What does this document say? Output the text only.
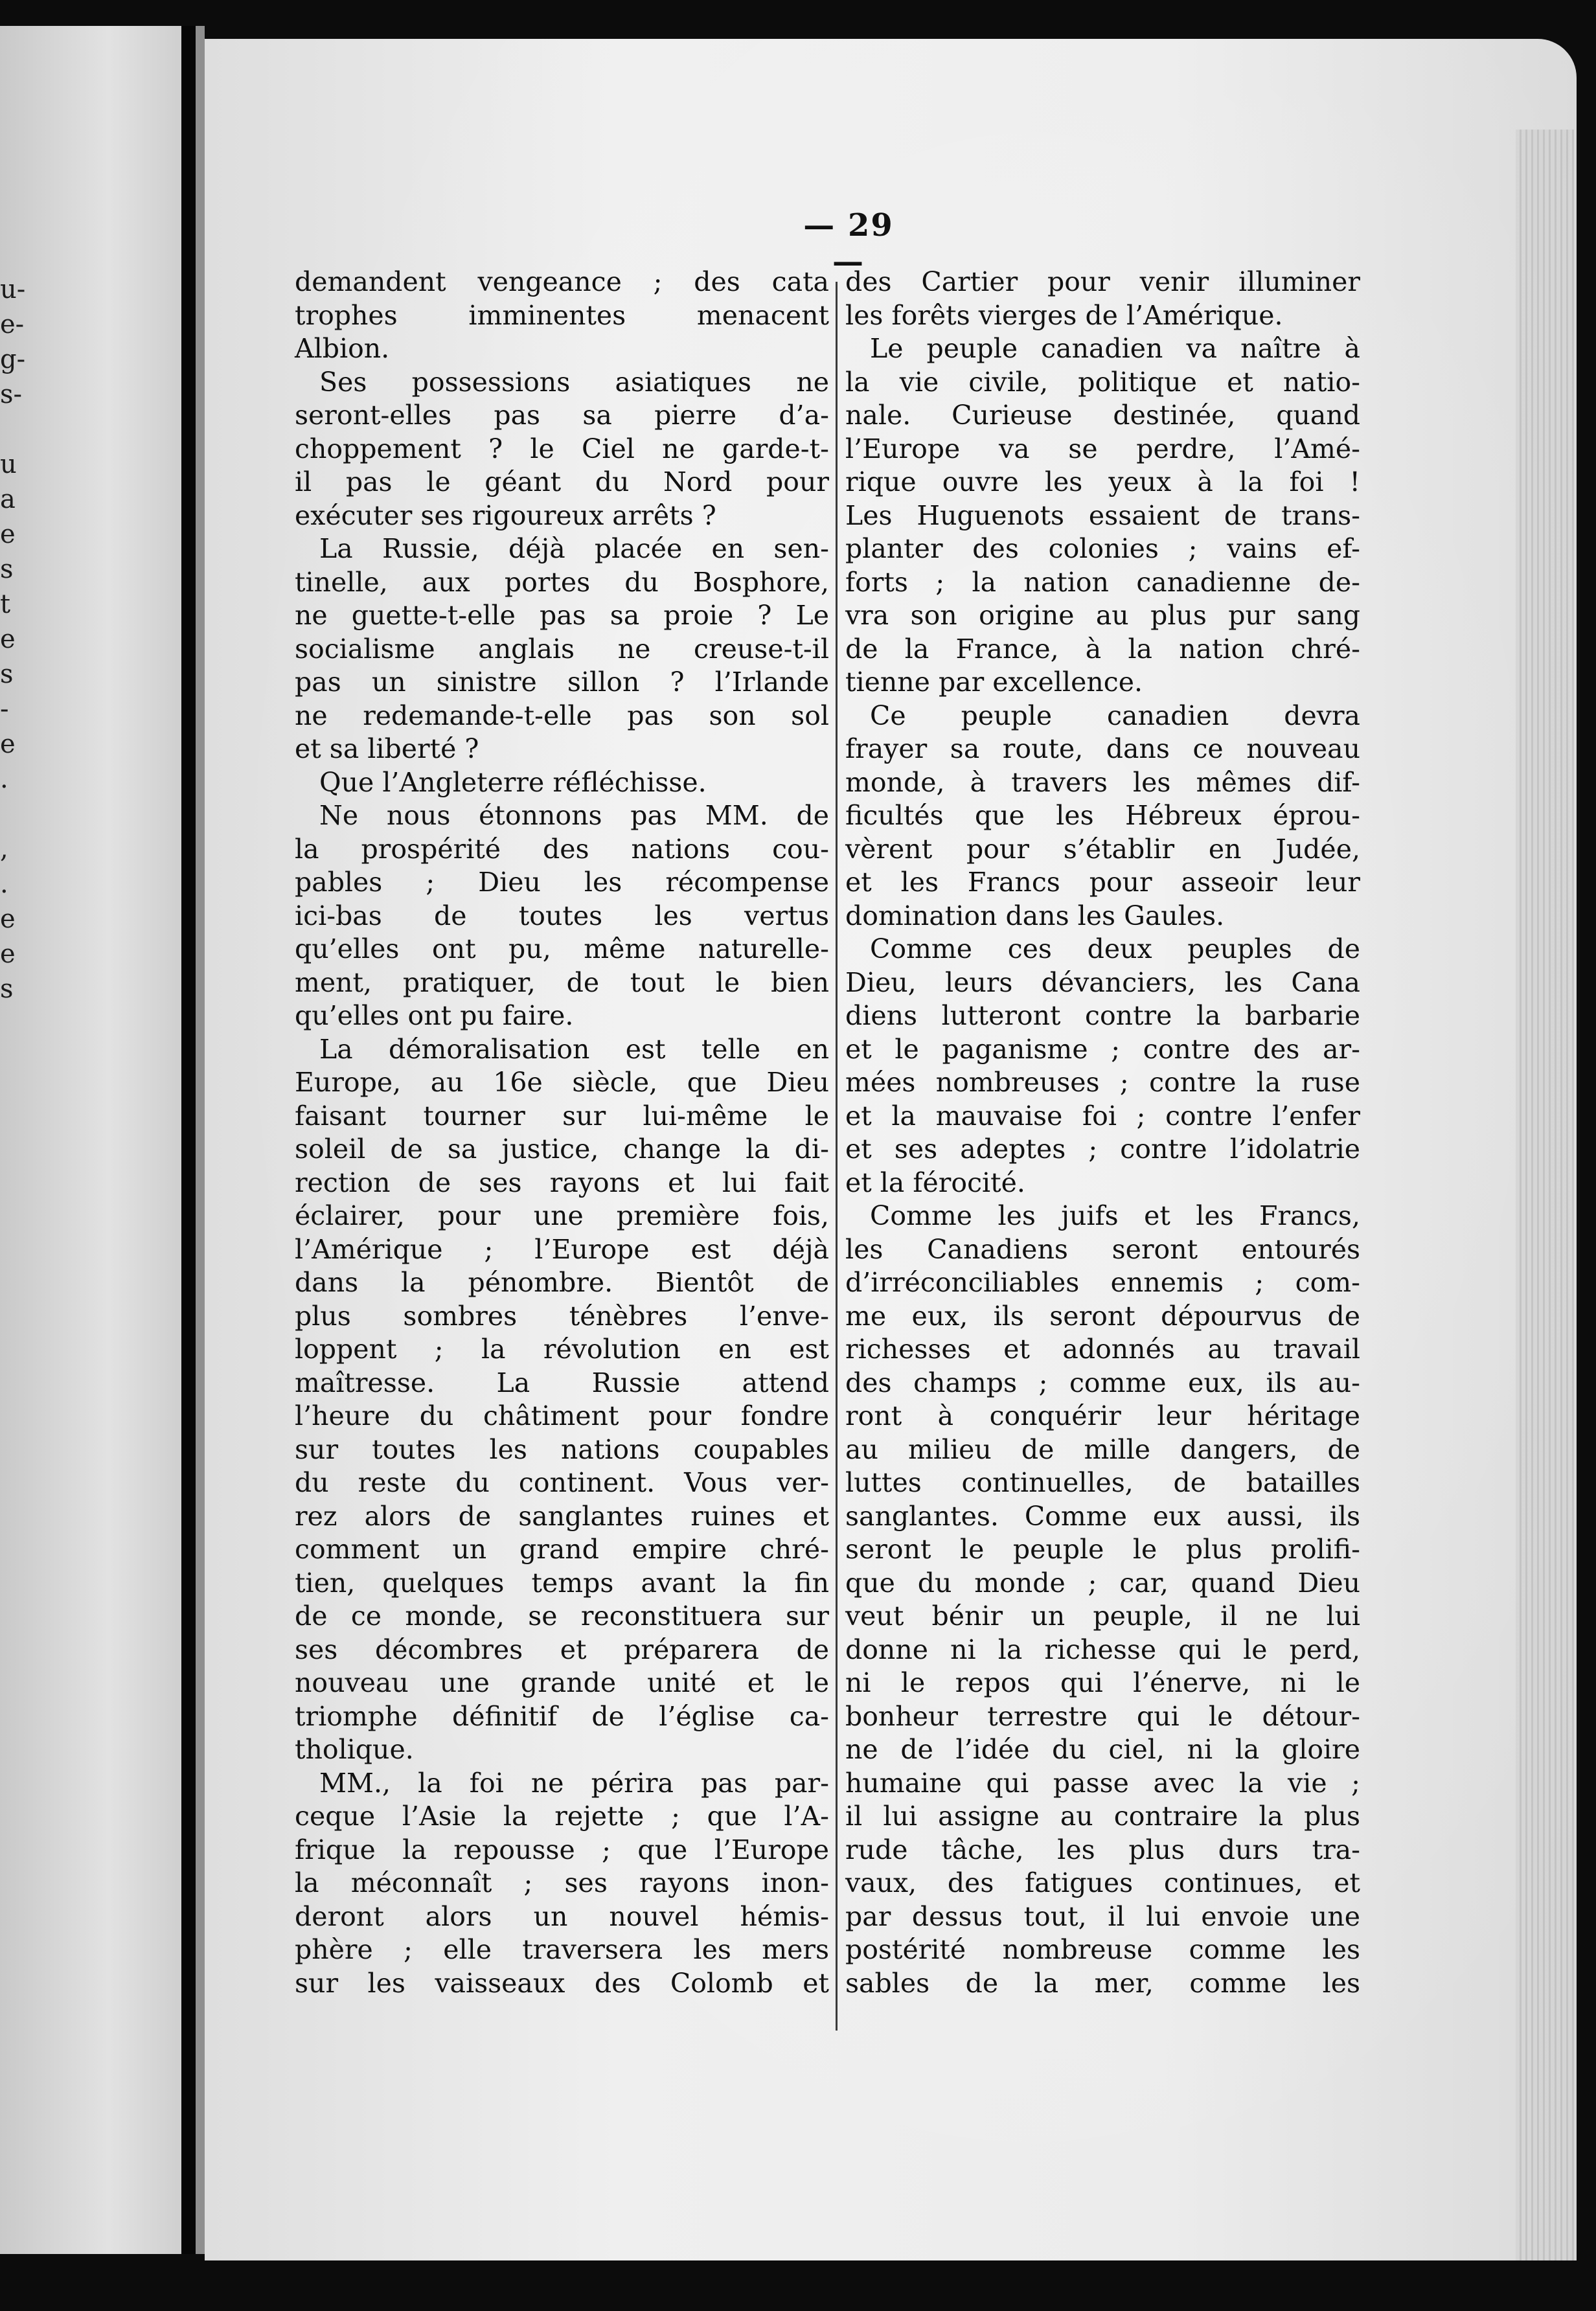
u-
e-
g-
s-
u
a
e
s
t
e
s
-
e
.
,
.
e
e
s
— 29 —
demandent vengeance ; des cata
trophes imminentes menacent
Albion.
Ses possessions asiatiques ne
seront-elles pas sa pierre d’a-
choppement ? le Ciel ne garde-t-
il pas le géant du Nord pour
exécuter ses rigoureux arrêts ?
La Russie, déjà placée en sen-
tinelle, aux portes du Bosphore,
ne guette-t-elle pas sa proie ? Le
socialisme anglais ne creuse-t-il
pas un sinistre sillon ? l’Irlande
ne redemande-t-elle pas son sol
et sa liberté ?
Que l’Angleterre réfléchisse.
Ne nous étonnons pas MM. de
la prospérité des nations cou-
pables ; Dieu les récompense
ici-bas de toutes les vertus
qu’elles ont pu, même naturelle-
ment, pratiquer, de tout le bien
qu’elles ont pu faire.
La démoralisation est telle en
Europe, au 16e siècle, que Dieu
faisant tourner sur lui-même le
soleil de sa justice, change la di-
rection de ses rayons et lui fait
éclairer, pour une première fois,
l’Amérique ; l’Europe est déjà
dans la pénombre. Bientôt de
plus sombres ténèbres l’enve-
loppent ; la révolution en est
maîtresse. La Russie attend
l’heure du châtiment pour fondre
sur toutes les nations coupables
du reste du continent. Vous ver-
rez alors de sanglantes ruines et
comment un grand empire chré-
tien, quelques temps avant la fin
de ce monde, se reconstituera sur
ses décombres et préparera de
nouveau une grande unité et le
triomphe définitif de l’église ca-
tholique.
MM., la foi ne périra pas par-
ceque l’Asie la rejette ; que l’A-
frique la repousse ; que l’Europe
la méconnaît ; ses rayons inon-
deront alors un nouvel hémis-
phère ; elle traversera les mers
sur les vaisseaux des Colomb et
des Cartier pour venir illuminer
les forêts vierges de l’Amérique.
Le peuple canadien va naître à
la vie civile, politique et natio-
nale. Curieuse destinée, quand
l’Europe va se perdre, l’Amé-
rique ouvre les yeux à la foi !
Les Huguenots essaient de trans-
planter des colonies ; vains ef-
forts ; la nation canadienne de-
vra son origine au plus pur sang
de la France, à la nation chré-
tienne par excellence.
Ce peuple canadien devra
frayer sa route, dans ce nouveau
monde, à travers les mêmes dif-
ficultés que les Hébreux éprou-
vèrent pour s’établir en Judée,
et les Francs pour asseoir leur
domination dans les Gaules.
Comme ces deux peuples de
Dieu, leurs dévanciers, les Cana
diens lutteront contre la barbarie
et le paganisme ; contre des ar-
mées nombreuses ; contre la ruse
et la mauvaise foi ; contre l’enfer
et ses adeptes ; contre l’idolatrie
et la férocité.
Comme les juifs et les Francs,
les Canadiens seront entourés
d’irréconciliables ennemis ; com-
me eux, ils seront dépourvus de
richesses et adonnés au travail
des champs ; comme eux, ils au-
ront à conquérir leur héritage
au milieu de mille dangers, de
luttes continuelles, de batailles
sanglantes. Comme eux aussi, ils
seront le peuple le plus prolifi-
que du monde ; car, quand Dieu
veut bénir un peuple, il ne lui
donne ni la richesse qui le perd,
ni le repos qui l’énerve, ni le
bonheur terrestre qui le détour-
ne de l’idée du ciel, ni la gloire
humaine qui passe avec la vie ;
il lui assigne au contraire la plus
rude tâche, les plus durs tra-
vaux, des fatigues continues, et
par dessus tout, il lui envoie une
postérité nombreuse comme les
sables de la mer, comme les
